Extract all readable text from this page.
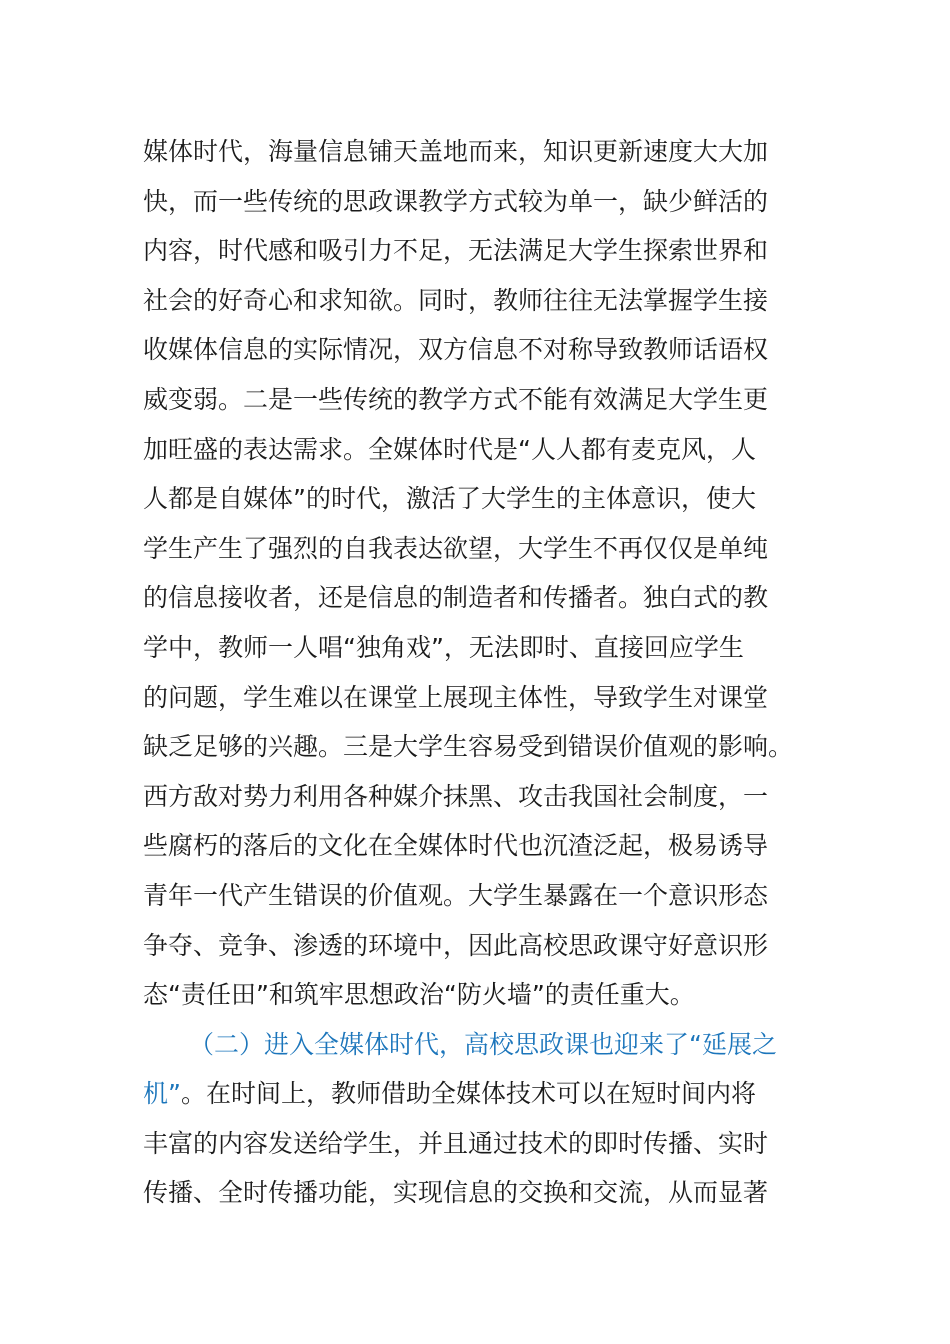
媒体时代，海量信息铺天盖地而来，知识更新速度大大加
快，而一些传统的思政课教学方式较为单一，缺少鲜活的
内容，时代感和吸引力不足，无法满足大学生探索世界和
社会的好奇心和求知欲。同时，教师往往无法掌握学生接
收媒体信息的实际情况，双方信息不对称导致教师话语权
威变弱。二是一些传统的教学方式不能有效满足大学生更
加旺盛的表达需求。全媒体时代是“人人都有麦克风，人
人都是自媒体”的时代，激活了大学生的主体意识，使大
学生产生了强烈的自我表达欲望，大学生不再仅仅是单纯
的信息接收者，还是信息的制造者和传播者。独白式的教
学中，教师一人唱“独角戏”，无法即时、直接回应学生
的问题，学生难以在课堂上展现主体性，导致学生对课堂
缺乏足够的兴趣。三是大学生容易受到错误价值观的影响。
西方敌对势力利用各种媒介抹黑、攻击我国社会制度，一
些腐朽的落后的文化在全媒体时代也沉渣泛起，极易诱导
青年一代产生错误的价值观。大学生暴露在一个意识形态
争夺、竞争、渗透的环境中，因此高校思政课守好意识形
态“责任田”和筑牢思想政治“防火墙”的责任重大。
（二）进入全媒体时代，高校思政课也迎来了“延展之
机”。在时间上，教师借助全媒体技术可以在短时间内将
丰富的内容发送给学生，并且通过技术的即时传播、实时
传播、全时传播功能，实现信息的交换和交流，从而显著
